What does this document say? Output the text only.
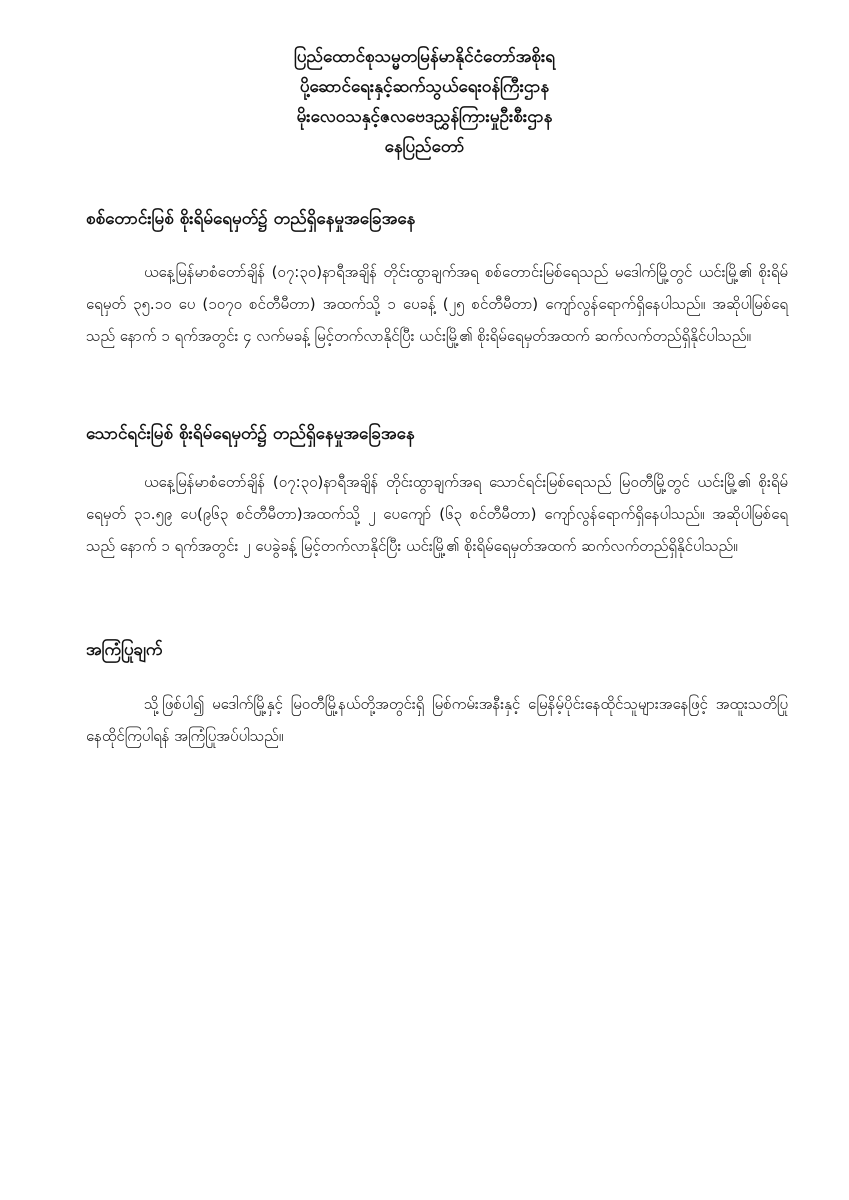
ပြည်ထောင်စုသမ္မတမြန်မာနိုင်ငံတော်အစိုးရ
ပို့ဆောင်ရေးနှင့်ဆက်သွယ်ရေးဝန်ကြီးဌာန
မိုးလေဝသနှင့်ဇလဗေဒညွှန်ကြားမှုဦးစီးဌာန
နေပြည်တော်
စစ်တောင်းမြစ် စိုးရိမ်ရေမှတ်၌ တည်ရှိနေမှုအခြေအနေ

ယနေ့မြန်မာစံတော်ချိန် (၀၇:၃၀)နာရီအချိန် တိုင်းထွာချက်အရ စစ်တောင်းမြစ်ရေသည် မဒေါက်မြို့တွင် ယင်းမြို့၏ စိုးရိမ်ရေမှတ် ၃၅.၁၀ ပေ (၁၀၇၀ စင်တီမီတာ) အထက်သို့ ၁ ပေခန့် (၂၅ စင်တီမီတာ) ကျော်လွန်ရောက်ရှိနေပါသည်။ အဆိုပါမြစ်ရေသည် နောက် ၁ ရက်အတွင်း ၄ လက်မခန့် မြင့်တက်လာနိုင်ပြီး ယင်းမြို့၏ စိုးရိမ်ရေမှတ်အထက် ဆက်လက်တည်ရှိနိုင်ပါသည်။

သောင်ရင်းမြစ် စိုးရိမ်ရေမှတ်၌ တည်ရှိနေမှုအခြေအနေ

ယနေ့မြန်မာစံတော်ချိန် (၀၇:၃၀)နာရီအချိန် တိုင်းထွာချက်အရ သောင်ရင်းမြစ်ရေသည် မြဝတီမြို့တွင် ယင်းမြို့၏ စိုးရိမ်ရေမှတ် ၃၁.၅၉ ပေ(၉၆၃ စင်တီမီတာ)အထက်သို့ ၂ ပေကျော် (၆၃ စင်တီမီတာ) ကျော်လွန်ရောက်ရှိနေပါသည်။ အဆိုပါမြစ်ရေသည် နောက် ၁ ရက်အတွင်း ၂ ပေခွဲခန့် မြင့်တက်လာနိုင်ပြီး ယင်းမြို့၏ စိုးရိမ်ရေမှတ်အထက် ဆက်လက်တည်ရှိနိုင်ပါသည်။

အကြံပြုချက်

သို့ဖြစ်ပါ၍ မဒေါက်မြို့နှင့် မြဝတီမြို့နယ်တို့အတွင်းရှိ မြစ်ကမ်းအနီးနှင့် မြေနိမ့်ပိုင်းနေထိုင်သူများအနေဖြင့် အထူးသတိပြုနေထိုင်ကြပါရန် အကြံပြုအပ်ပါသည်။
